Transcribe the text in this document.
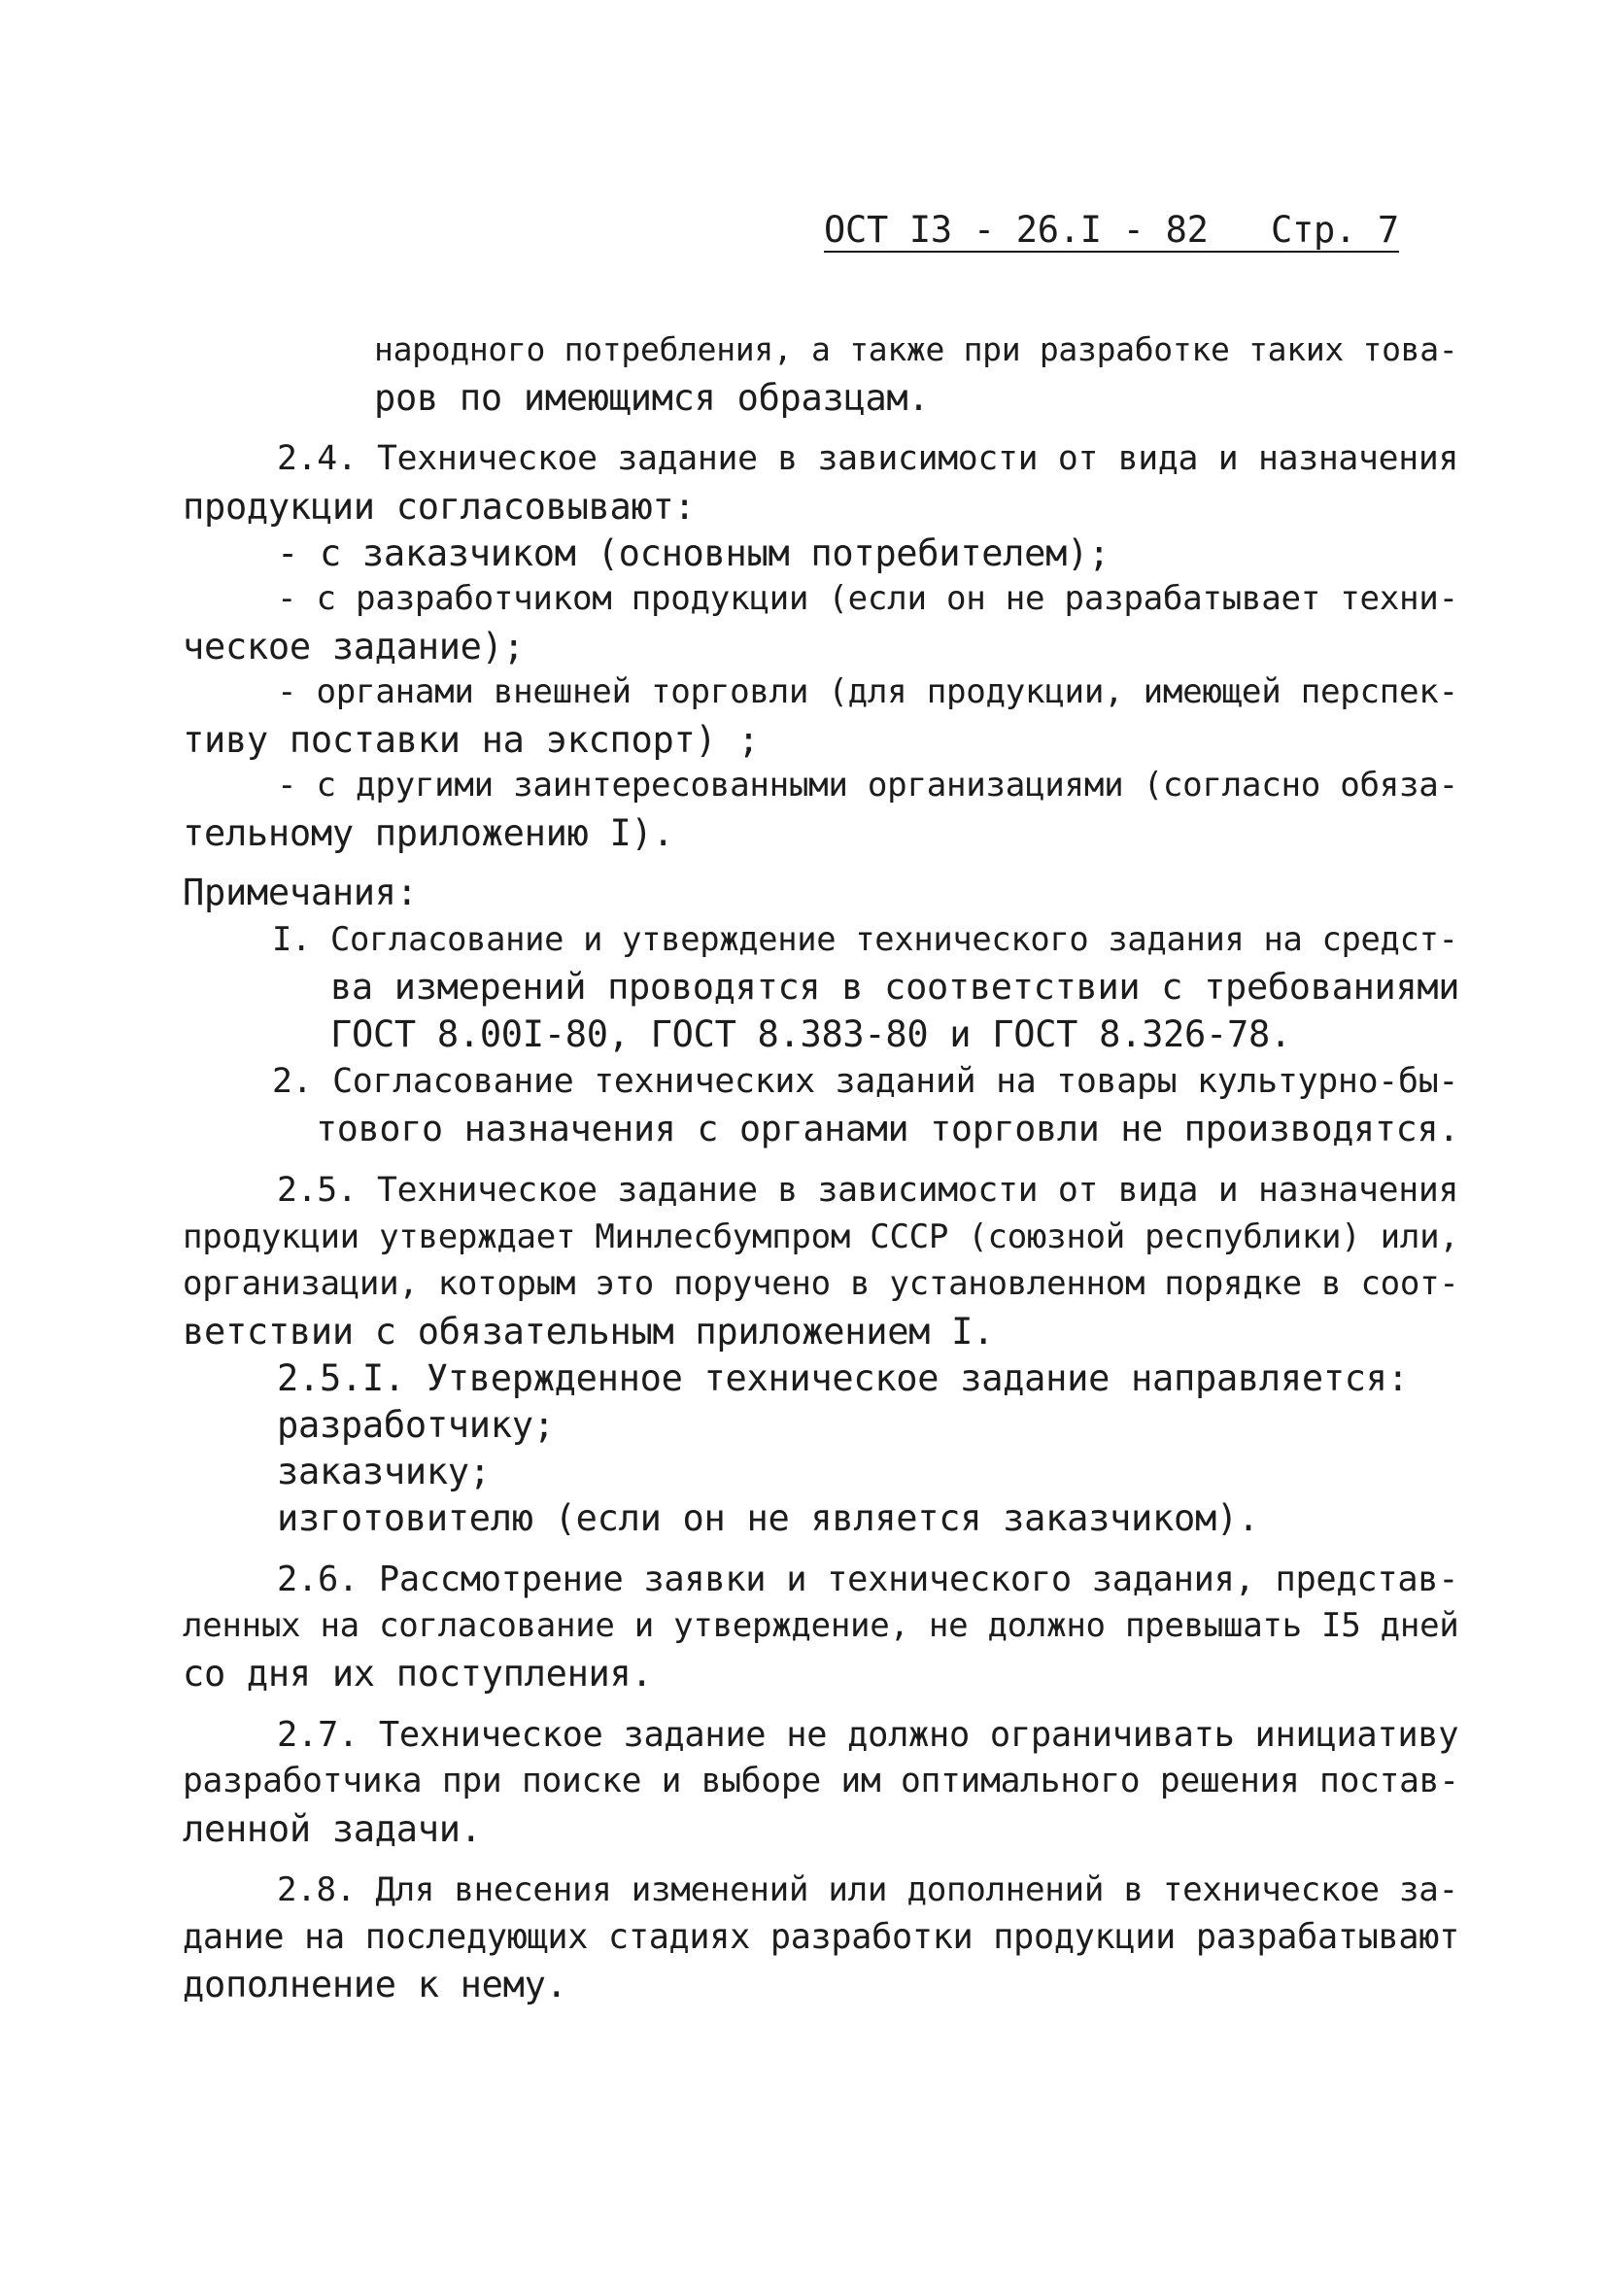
ОСТ I3 - 26.I - 82 Стр. 7

народного потребления, а также при разработке таких това-

ров по имеющимся образцам.

2.4. Техническое задание в зависимости от вида и назначения

продукции согласовывают:

- с заказчиком (основным потребителем);

- с разработчиком продукции (если он не разрабатывает техни-

ческое задание);

- органами внешней торговли (для продукции, имеющей перспек-

тиву поставки на экспорт) ;

- с другими заинтересованными организациями (согласно обяза-

тельному приложению I).

Примечания:

I. Согласование и утверждение технического задания на средст-

ва измерений проводятся в соответствии с требованиями

ГОСТ 8.00I-80, ГОСТ 8.383-80 и ГОСТ 8.326-78.

2. Согласование технических заданий на товары культурно-бы-

тового назначения с органами торговли не производятся.

2.5. Техническое задание в зависимости от вида и назначения

продукции утверждает Минлесбумпром СССР (союзной республики) или,

организации, которым это поручено в установленном порядке в соот-

ветствии с обязательным приложением I.

2.5.I. Утвержденное техническое задание направляется:

разработчику;

заказчику;

изготовителю (если он не является заказчиком).

2.6. Рассмотрение заявки и технического задания, представ-

ленных на согласование и утверждение, не должно превышать I5 дней

со дня их поступления.

2.7. Техническое задание не должно ограничивать инициативу

разработчика при поиске и выборе им оптимального решения постав-

ленной задачи.

2.8. Для внесения изменений или дополнений в техническое за-

дание на последующих стадиях разработки продукции разрабатывают

дополнение к нему.
